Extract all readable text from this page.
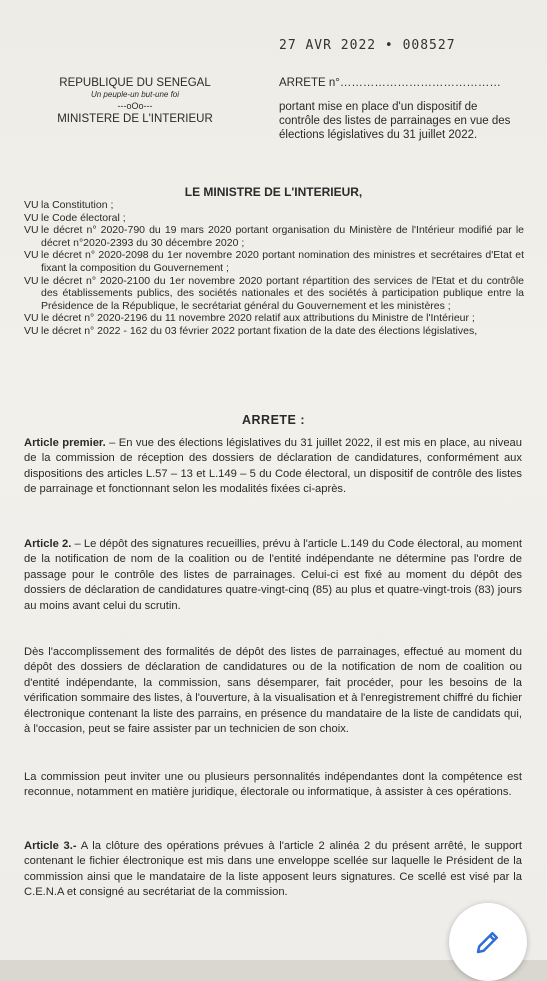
27 AVR 2022 • 008527
REPUBLIQUE DU SENEGAL
Un peuple-un but-une foi
---oOo---
MINISTERE DE L'INTERIEUR
ARRETE n°……………………………………
portant mise en place d'un dispositif de contrôle des listes de parrainages en vue des élections législatives du 31 juillet 2022.
LE MINISTRE DE L'INTERIEUR,
VU la Constitution ;
VU le Code électoral ;
VU le décret n° 2020-790 du 19 mars 2020 portant organisation du Ministère de l'Intérieur modifié par le décret n°2020-2393 du 30 décembre 2020 ;
VU le décret n° 2020-2098 du 1er novembre 2020 portant nomination des ministres et secrétaires d'Etat et fixant la composition du Gouvernement ;
VU le décret n° 2020-2100 du 1er novembre 2020 portant répartition des services de l'Etat et du contrôle des établissements publics, des sociétés nationales et des sociétés à participation publique entre la Présidence de la République, le secrétariat général du Gouvernement et les ministères ;
VU le décret n° 2020-2196 du 11 novembre 2020 relatif aux attributions du Ministre de l'Intérieur ;
VU le décret n° 2022 - 162 du 03 février 2022 portant fixation de la date des élections législatives,
ARRETE :
Article premier. – En vue des élections législatives du 31 juillet 2022, il est mis en place, au niveau de la commission de réception des dossiers de déclaration de candidatures, conformément aux dispositions des articles L.57 – 13 et L.149 – 5 du Code électoral, un dispositif de contrôle des listes de parrainage et fonctionnant selon les modalités fixées ci-après.
Article 2. – Le dépôt des signatures recueillies, prévu à l'article L.149 du Code électoral, au moment de la notification de nom de la coalition ou de l'entité indépendante ne détermine pas l'ordre de passage pour le contrôle des listes de parrainages. Celui-ci est fixé au moment du dépôt des dossiers de déclaration de candidatures quatre-vingt-cinq (85) au plus et quatre-vingt-trois (83) jours au moins avant celui du scrutin.
Dès l'accomplissement des formalités de dépôt des listes de parrainages, effectué au moment du dépôt des dossiers de déclaration de candidatures ou de la notification de nom de coalition ou d'entité indépendante, la commission, sans désemparer, fait procéder, pour les besoins de la vérification sommaire des listes, à l'ouverture, à la visualisation et à l'enregistrement chiffré du fichier électronique contenant la liste des parrains, en présence du mandataire de la liste de candidats qui, à l'occasion, peut se faire assister par un technicien de son choix.
La commission peut inviter une ou plusieurs personnalités indépendantes dont la compétence est reconnue, notamment en matière juridique, électorale ou informatique, à assister à ces opérations.
Article 3.- A la clôture des opérations prévues à l'article 2 alinéa 2 du présent arrêté, le support contenant le fichier électronique est mis dans une enveloppe scellée sur laquelle le Président de la commission ainsi que le mandataire de la liste apposent leurs signatures. Ce scellé est visé par la C.E.N.A et consigné au secrétariat de la commission.
